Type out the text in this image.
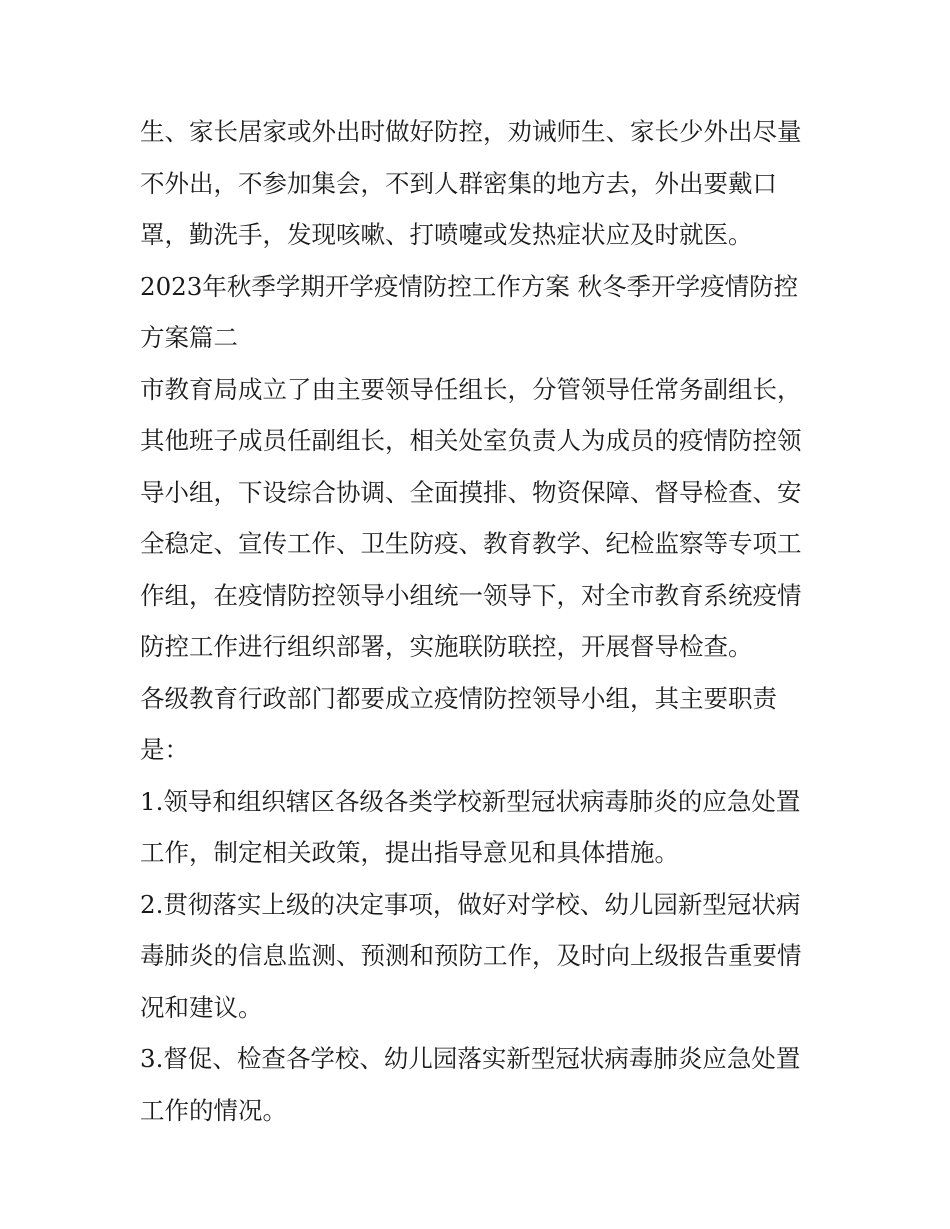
生、家长居家或外出时做好防控，劝诫师生、家长少外出尽量不外出，不参加集会，不到人群密集的地方去，外出要戴口罩，勤洗手，发现咳嗽、打喷嚏或发热症状应及时就医。

2023年秋季学期开学疫情防控工作方案 秋冬季开学疫情防控方案篇二

市教育局成立了由主要领导任组长，分管领导任常务副组长，其他班子成员任副组长，相关处室负责人为成员的疫情防控领导小组，下设综合协调、全面摸排、物资保障、督导检查、安全稳定、宣传工作、卫生防疫、教育教学、纪检监察等专项工作组，在疫情防控领导小组统一领导下，对全市教育系统疫情防控工作进行组织部署，实施联防联控，开展督导检查。

各级教育行政部门都要成立疫情防控领导小组，其主要职责是：

1.领导和组织辖区各级各类学校新型冠状病毒肺炎的应急处置工作，制定相关政策，提出指导意见和具体措施。

2.贯彻落实上级的决定事项，做好对学校、幼儿园新型冠状病毒肺炎的信息监测、预测和预防工作，及时向上级报告重要情况和建议。

3.督促、检查各学校、幼儿园落实新型冠状病毒肺炎应急处置工作的情况。
